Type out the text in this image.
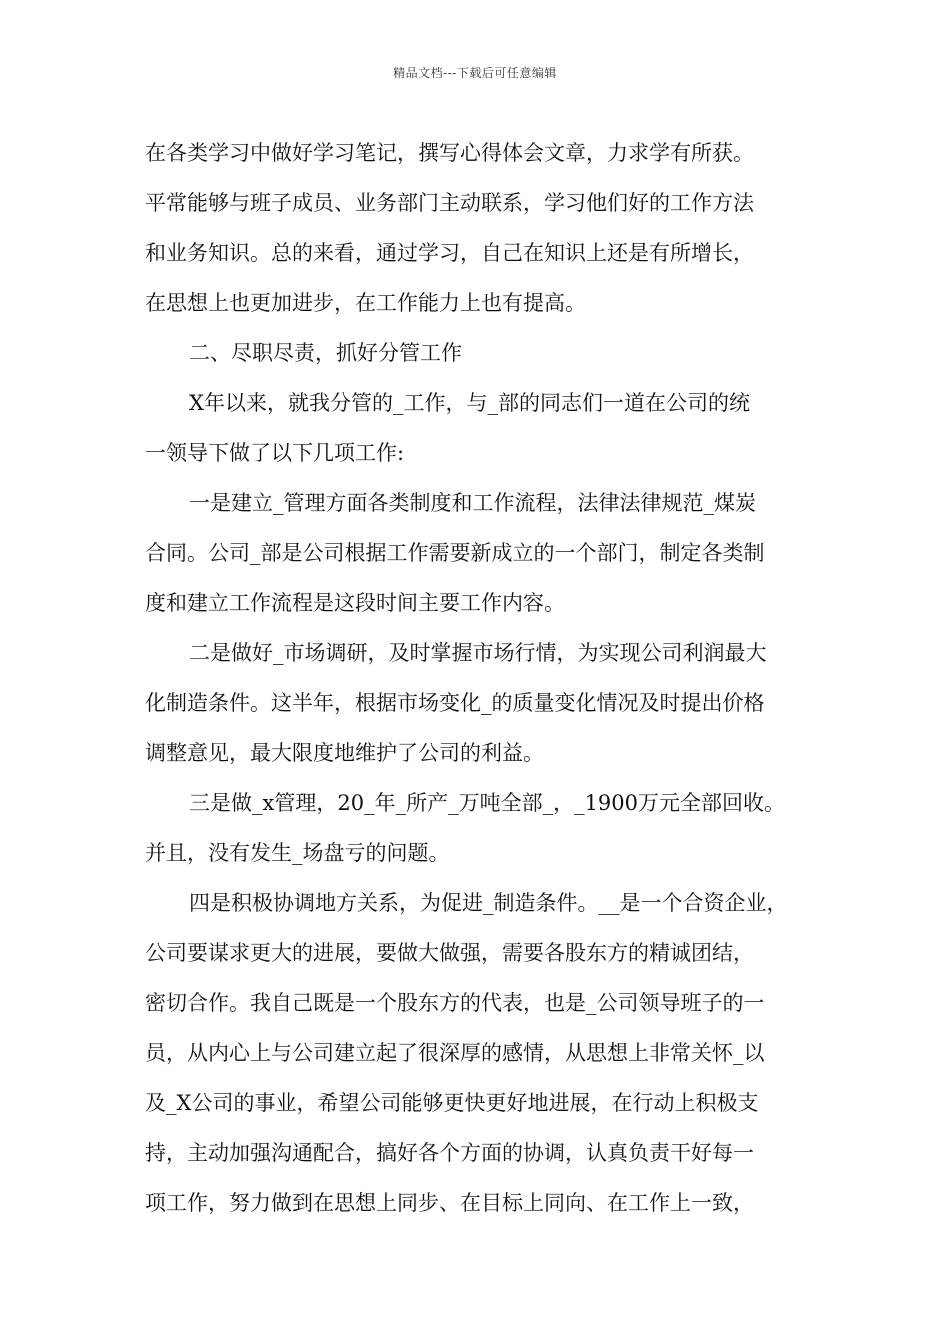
精品文档---下载后可任意编辑
在各类学习中做好学习笔记，撰写心得体会文章，力求学有所获。
平常能够与班子成员、业务部门主动联系，学习他们好的工作方法
和业务知识。总的来看，通过学习，自己在知识上还是有所增长，
在思想上也更加进步，在工作能力上也有提高。
二、尽职尽责，抓好分管工作
X年以来，就我分管的_工作，与_部的同志们一道在公司的统
一领导下做了以下几项工作:
一是建立_管理方面各类制度和工作流程，法律法律规范_煤炭
合同。公司_部是公司根据工作需要新成立的一个部门，制定各类制
度和建立工作流程是这段时间主要工作内容。
二是做好_市场调研，及时掌握市场行情，为实现公司利润最大
化制造条件。这半年，根据市场变化_的质量变化情况及时提出价格
调整意见，最大限度地维护了公司的利益。
三是做_x管理，20_年_所产_万吨全部_，_1900万元全部回收。
并且，没有发生_场盘亏的问题。
四是积极协调地方关系，为促进_制造条件。__是一个合资企业，
公司要谋求更大的进展，要做大做强，需要各股东方的精诚团结，
密切合作。我自己既是一个股东方的代表，也是_公司领导班子的一
员，从内心上与公司建立起了很深厚的感情，从思想上非常关怀_以
及_X公司的事业，希望公司能够更快更好地进展，在行动上积极支
持，主动加强沟通配合，搞好各个方面的协调，认真负责干好每一
项工作，努力做到在思想上同步、在目标上同向、在工作上一致，
